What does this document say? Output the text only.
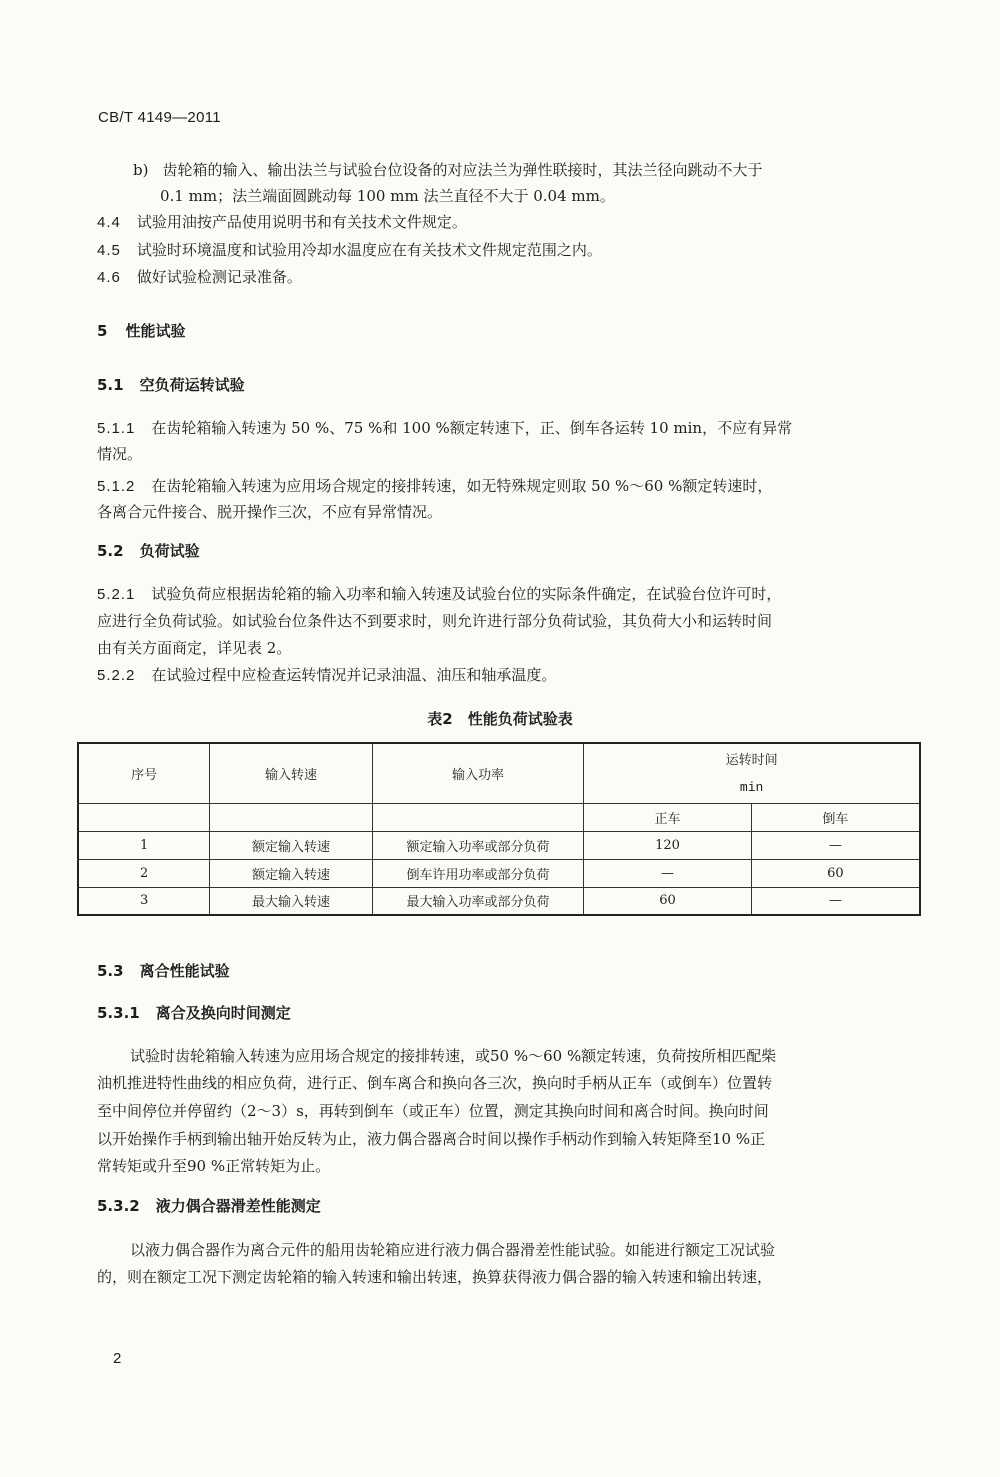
CB/T 4149—2011
b) 齿轮箱的输入、输出法兰与试验台位设备的对应法兰为弹性联接时，其法兰径向跳动不大于
0.1 mm；法兰端面圆跳动每 100 mm 法兰直径不大于 0.04 mm。
4.4 试验用油按产品使用说明书和有关技术文件规定。
4.5 试验时环境温度和试验用冷却水温度应在有关技术文件规定范围之内。
4.6 做好试验检测记录准备。
5 性能试验
5.1 空负荷运转试验
5.1.1 在齿轮箱输入转速为 50 %、75 %和 100 %额定转速下，正、倒车各运转 10 min，不应有异常
情况。
5.1.2 在齿轮箱输入转速为应用场合规定的接排转速，如无特殊规定则取 50 %～60 %额定转速时，
各离合元件接合、脱开操作三次，不应有异常情况。
5.2 负荷试验
5.2.1 试验负荷应根据齿轮箱的输入功率和输入转速及试验台位的实际条件确定，在试验台位许可时，
应进行全负荷试验。如试验台位条件达不到要求时，则允许进行部分负荷试验，其负荷大小和运转时间
由有关方面商定，详见表 2。
5.2.2 在试验过程中应检查运转情况并记录油温、油压和轴承温度。
表2　性能负荷试验表
序号	输入转速	输入功率	运转时间	
			min	
			正车	倒车
1	额定输入转速	额定输入功率或部分负荷	120	—
2	额定输入转速	倒车许用功率或部分负荷	—	60
3	最大输入转速	最大输入功率或部分负荷	60	—
5.3 离合性能试验
5.3.1 离合及换向时间测定
试验时齿轮箱输入转速为应用场合规定的接排转速，或50 %～60 %额定转速，负荷按所相匹配柴
油机推进特性曲线的相应负荷，进行正、倒车离合和换向各三次，换向时手柄从正车（或倒车）位置转
至中间停位并停留约（2～3）s，再转到倒车（或正车）位置，测定其换向时间和离合时间。换向时间
以开始操作手柄到输出轴开始反转为止，液力偶合器离合时间以操作手柄动作到输入转矩降至10 %正
常转矩或升至90 %正常转矩为止。
5.3.2 液力偶合器滑差性能测定
以液力偶合器作为离合元件的船用齿轮箱应进行液力偶合器滑差性能试验。如能进行额定工况试验
的，则在额定工况下测定齿轮箱的输入转速和输出转速，换算获得液力偶合器的输入转速和输出转速，
2
